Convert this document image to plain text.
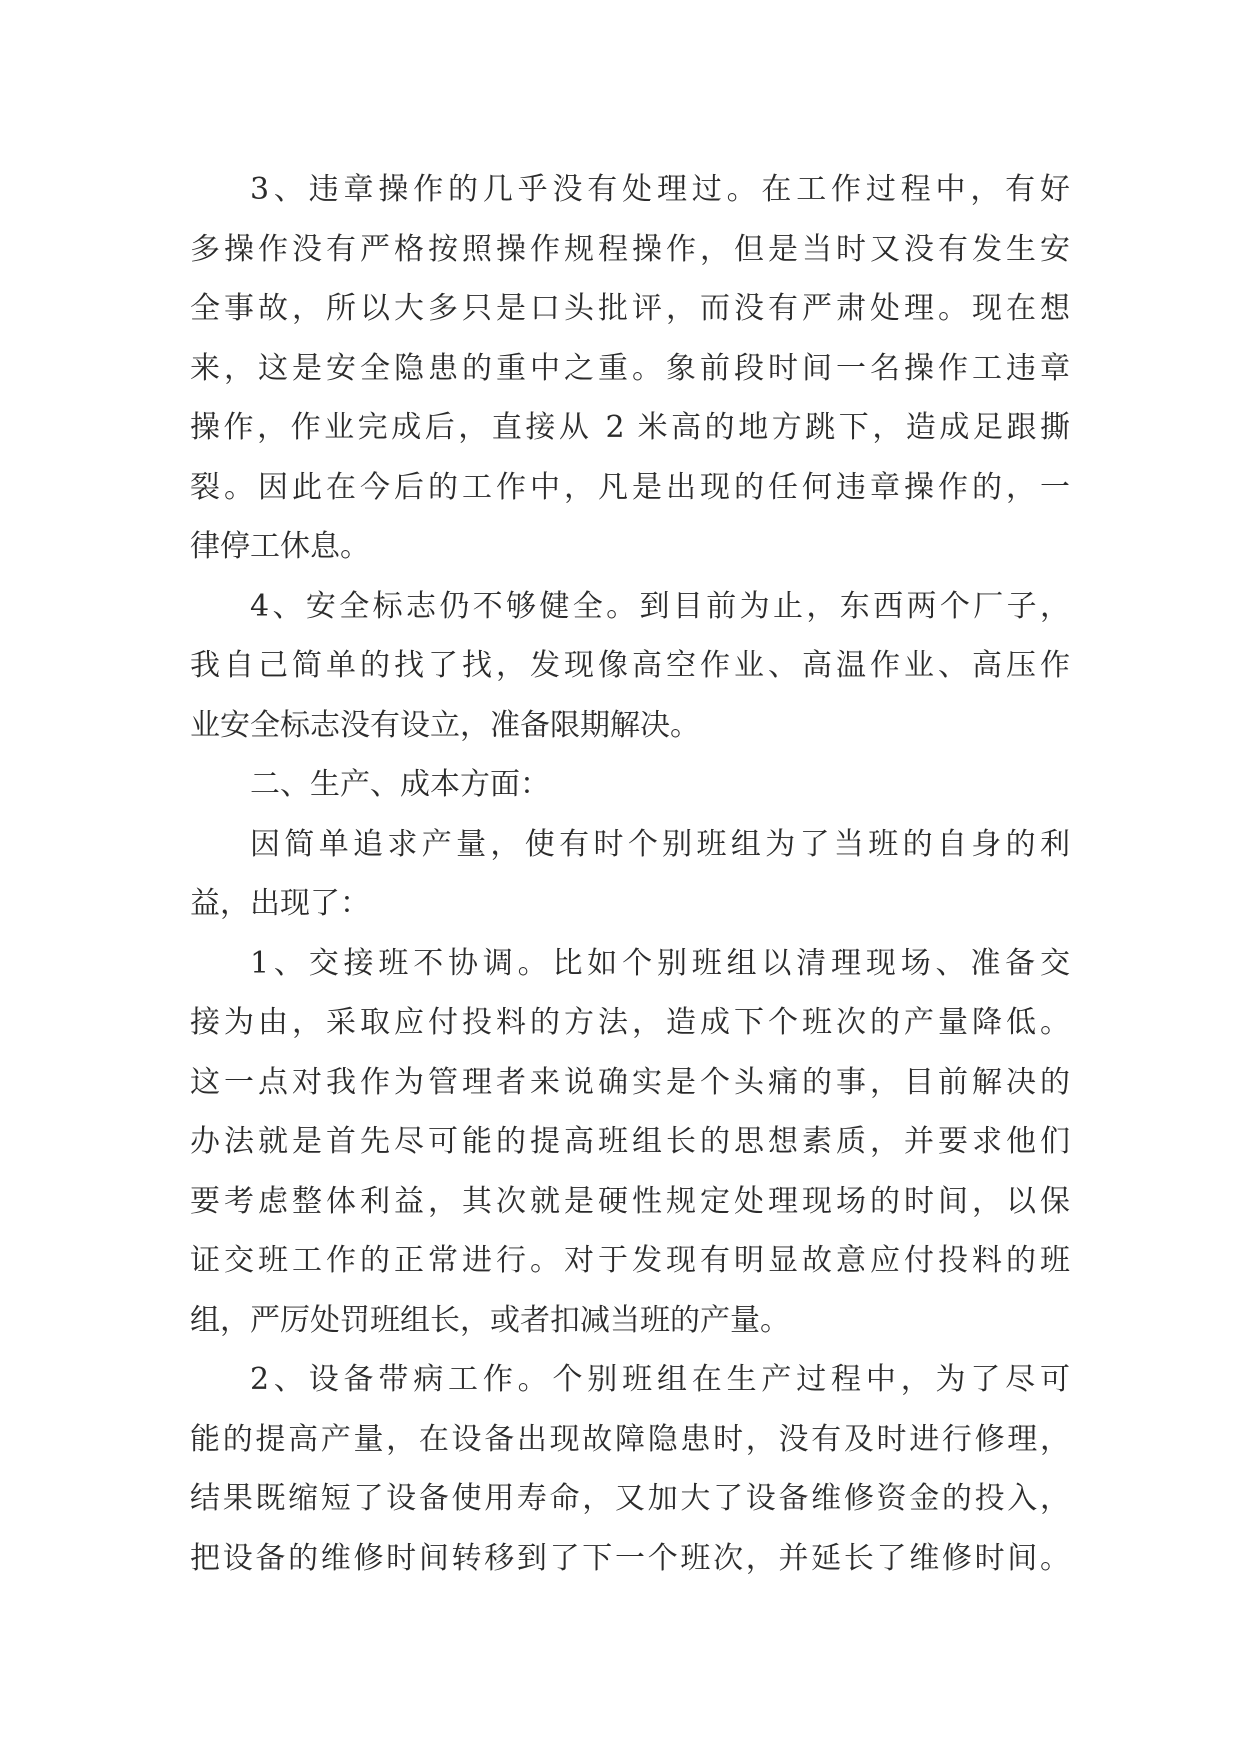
3、违章操作的几乎没有处理过。在工作过程中，有好
多操作没有严格按照操作规程操作，但是当时又没有发生安
全事故，所以大多只是口头批评，而没有严肃处理。现在想
来，这是安全隐患的重中之重。象前段时间一名操作工违章
操作，作业完成后，直接从 2 米高的地方跳下，造成足跟撕
裂。因此在今后的工作中，凡是出现的任何违章操作的，一
律停工休息。
4、安全标志仍不够健全。到目前为止，东西两个厂子，
我自己简单的找了找，发现像高空作业、高温作业、高压作
业安全标志没有设立，准备限期解决。
二、生产、成本方面：
因简单追求产量，使有时个别班组为了当班的自身的利
益，出现了：
1、交接班不协调。比如个别班组以清理现场、准备交
接为由，采取应付投料的方法，造成下个班次的产量降低。
这一点对我作为管理者来说确实是个头痛的事，目前解决的
办法就是首先尽可能的提高班组长的思想素质，并要求他们
要考虑整体利益，其次就是硬性规定处理现场的时间，以保
证交班工作的正常进行。对于发现有明显故意应付投料的班
组，严厉处罚班组长，或者扣减当班的产量。
2、设备带病工作。个别班组在生产过程中，为了尽可
能的提高产量，在设备出现故障隐患时，没有及时进行修理，
结果既缩短了设备使用寿命，又加大了设备维修资金的投入，
把设备的维修时间转移到了下一个班次，并延长了维修时间。
